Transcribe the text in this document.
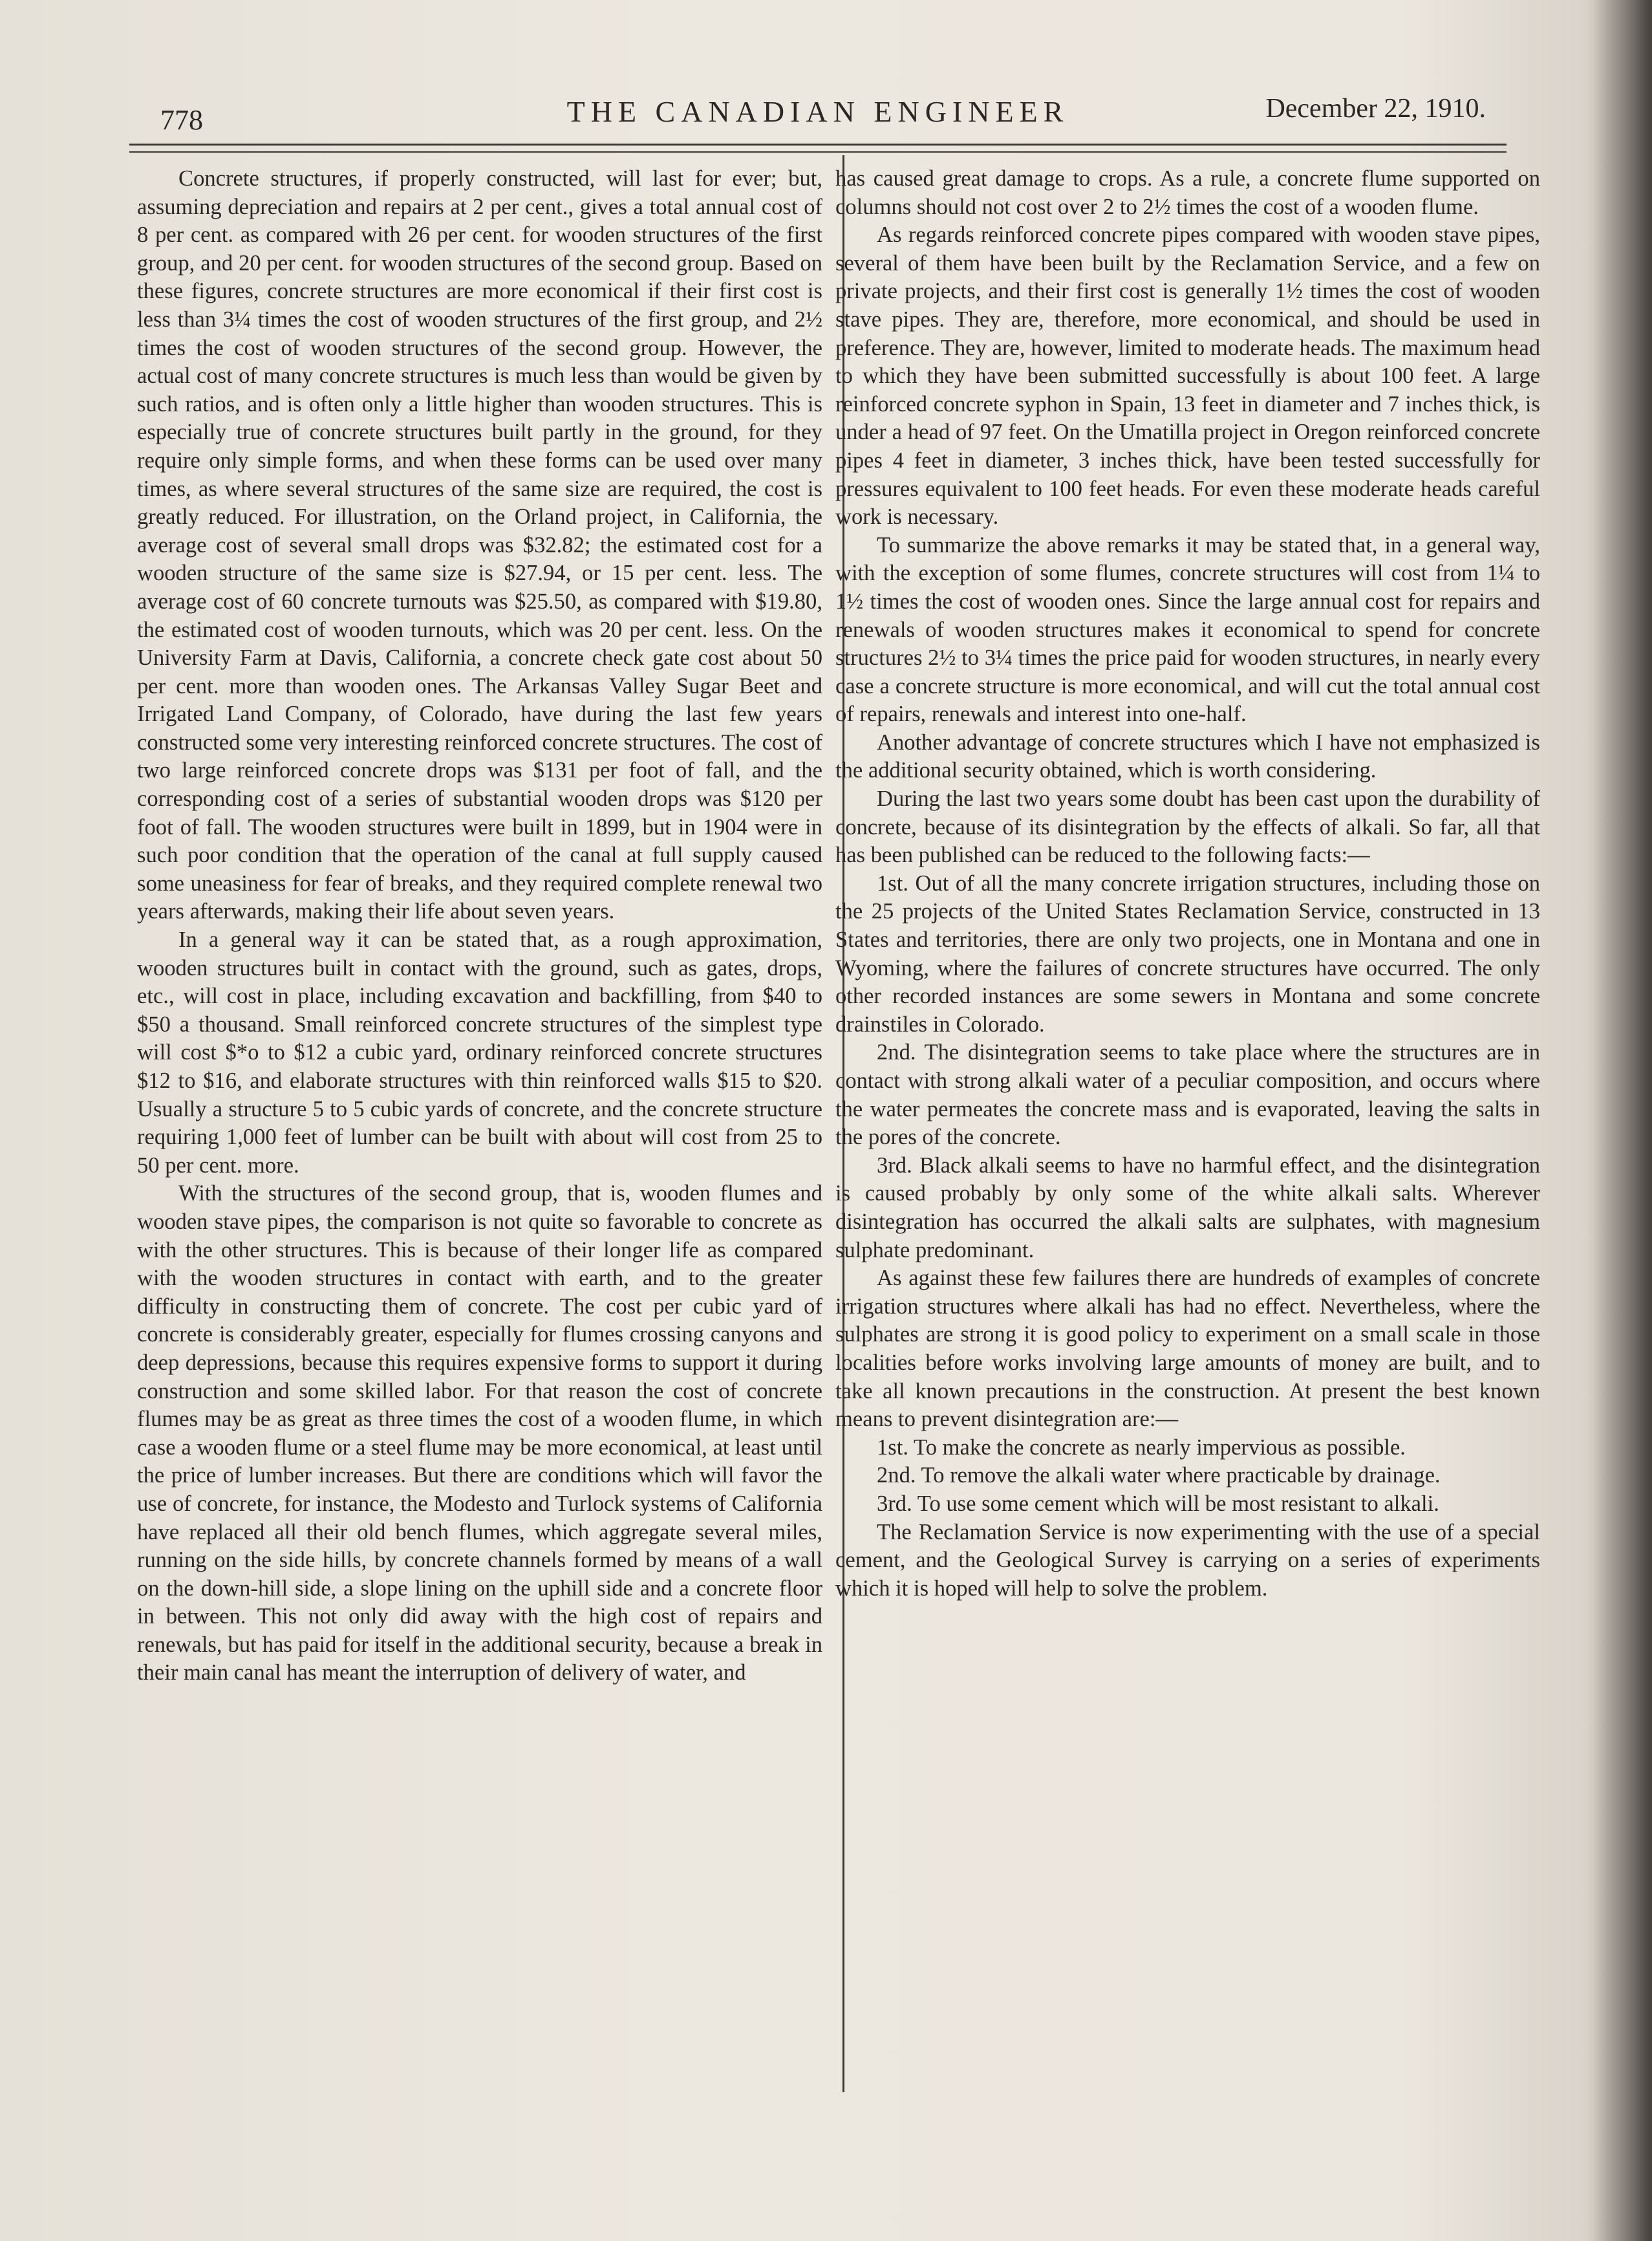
778	THE CANADIAN ENGINEER	December 22, 1910.

Concrete structures, if properly constructed, will last for ever; but, assuming depreciation and repairs at 2 per cent., gives a total annual cost of 8 per cent. as compared with 26 per cent. for wooden structures of the first group, and 20 per cent. for wooden structures of the second group. Based on these figures, concrete structures are more economical if their first cost is less than 3¼ times the cost of wooden structures of the first group, and 2½ times the cost of wooden structures of the second group. However, the actual cost of many concrete structures is much less than would be given by such ratios, and is often only a little higher than wooden structures. This is especially true of concrete structures built partly in the ground, for they require only simple forms, and when these forms can be used over many times, as where several structures of the same size are required, the cost is greatly reduced. For illustration, on the Orland project, in California, the average cost of several small drops was $32.82; the estimated cost for a wooden structure of the same size is $27.94, or 15 per cent. less. The average cost of 60 concrete turnouts was $25.50, as compared with $19.80, the estimated cost of wooden turnouts, which was 20 per cent. less. On the University Farm at Davis, California, a concrete check gate cost about 50 per cent. more than wooden ones. The Arkansas Valley Sugar Beet and Irrigated Land Company, of Colorado, have during the last few years constructed some very interesting reinforced concrete structures. The cost of two large reinforced concrete drops was $131 per foot of fall, and the corresponding cost of a series of substantial wooden drops was $120 per foot of fall. The wooden structures were built in 1899, but in 1904 were in such poor condition that the operation of the canal at full supply caused some uneasiness for fear of breaks, and they required complete renewal two years afterwards, making their life about seven years.

In a general way it can be stated that, as a rough approximation, wooden structures built in contact with the ground, such as gates, drops, etc., will cost in place, including excavation and backfilling, from $40 to $50 a thousand. Small reinforced concrete structures of the simplest type will cost $*o to $12 a cubic yard, ordinary reinforced concrete structures $12 to $16, and elaborate structures with thin reinforced walls $15 to $20. Usually a structure 5 to 5 cubic yards of concrete, and the concrete structure requiring 1,000 feet of lumber can be built with about will cost from 25 to 50 per cent. more.

With the structures of the second group, that is, wooden flumes and wooden stave pipes, the comparison is not quite so favorable to concrete as with the other structures. This is because of their longer life as compared with the wooden structures in contact with earth, and to the greater difficulty in constructing them of concrete. The cost per cubic yard of concrete is considerably greater, especially for flumes crossing canyons and deep depressions, because this requires expensive forms to support it during construction and some skilled labor. For that reason the cost of concrete flumes may be as great as three times the cost of a wooden flume, in which case a wooden flume or a steel flume may be more economical, at least until the price of lumber increases. But there are conditions which will favor the use of concrete, for instance, the Modesto and Turlock systems of California have replaced all their old bench flumes, which aggregate several miles, running on the side hills, by concrete channels formed by means of a wall on the down-hill side, a slope lining on the uphill side and a concrete floor in between. This not only did away with the high cost of repairs and renewals, but has paid for itself in the additional security, because a break in their main canal has meant the interruption of delivery of water, and

has caused great damage to crops. As a rule, a concrete flume supported on columns should not cost over 2 to 2½ times the cost of a wooden flume.

As regards reinforced concrete pipes compared with wooden stave pipes, several of them have been built by the Reclamation Service, and a few on private projects, and their first cost is generally 1½ times the cost of wooden stave pipes. They are, therefore, more economical, and should be used in preference. They are, however, limited to moderate heads. The maximum head to which they have been submitted successfully is about 100 feet. A large reinforced concrete syphon in Spain, 13 feet in diameter and 7 inches thick, is under a head of 97 feet. On the Umatilla project in Oregon reinforced concrete pipes 4 feet in diameter, 3 inches thick, have been tested successfully for pressures equivalent to 100 feet heads. For even these moderate heads careful work is necessary.

To summarize the above remarks it may be stated that, in a general way, with the exception of some flumes, concrete structures will cost from 1¼ to 1½ times the cost of wooden ones. Since the large annual cost for repairs and renewals of wooden structures makes it economical to spend for concrete structures 2½ to 3¼ times the price paid for wooden structures, in nearly every case a concrete structure is more economical, and will cut the total annual cost of repairs, renewals and interest into one-half.

Another advantage of concrete structures which I have not emphasized is the additional security obtained, which is worth considering.

During the last two years some doubt has been cast upon the durability of concrete, because of its disintegration by the effects of alkali. So far, all that has been published can be reduced to the following facts:—

1st. Out of all the many concrete irrigation structures, including those on the 25 projects of the United States Reclamation Service, constructed in 13 States and territories, there are only two projects, one in Montana and one in Wyoming, where the failures of concrete structures have occurred. The only other recorded instances are some sewers in Montana and some concrete drainstiles in Colorado.

2nd. The disintegration seems to take place where the structures are in contact with strong alkali water of a peculiar composition, and occurs where the water permeates the concrete mass and is evaporated, leaving the salts in the pores of the concrete.

3rd. Black alkali seems to have no harmful effect, and the disintegration is caused probably by only some of the white alkali salts. Wherever disintegration has occurred the alkali salts are sulphates, with magnesium sulphate predominant.

As against these few failures there are hundreds of examples of concrete irrigation structures where alkali has had no effect. Nevertheless, where the sulphates are strong it is good policy to experiment on a small scale in those localities before works involving large amounts of money are built, and to take all known precautions in the construction. At present the best known means to prevent disintegration are:—

1st. To make the concrete as nearly impervious as possible.

2nd. To remove the alkali water where practicable by drainage.

3rd. To use some cement which will be most resistant to alkali.

The Reclamation Service is now experimenting with the use of a special cement, and the Geological Survey is carrying on a series of experiments which it is hoped will help to solve the problem.
